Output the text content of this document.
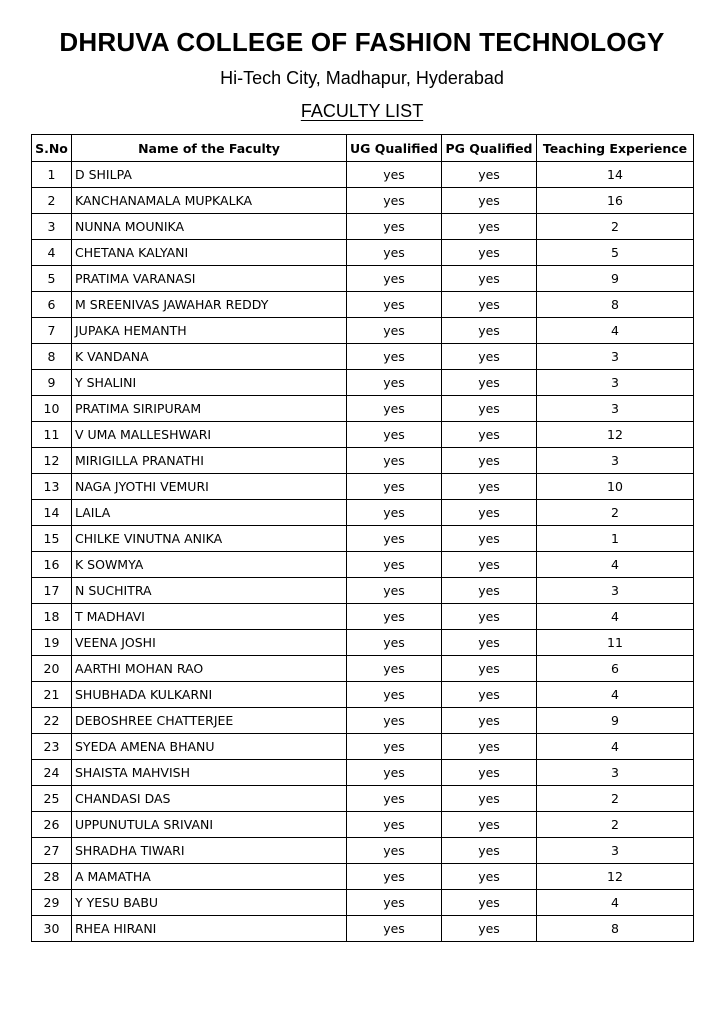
DHRUVA COLLEGE OF FASHION TECHNOLOGY
Hi-Tech City, Madhapur, Hyderabad
FACULTY LIST
S.No	Name of the Faculty	UG Qualified	PG Qualified	Teaching Experience
1	D SHILPA	yes	yes	14
2	KANCHANAMALA MUPKALKA	yes	yes	16
3	NUNNA MOUNIKA	yes	yes	2
4	CHETANA KALYANI	yes	yes	5
5	PRATIMA VARANASI	yes	yes	9
6	M SREENIVAS JAWAHAR REDDY	yes	yes	8
7	JUPAKA HEMANTH	yes	yes	4
8	K VANDANA	yes	yes	3
9	Y SHALINI	yes	yes	3
10	PRATIMA SIRIPURAM	yes	yes	3
11	V UMA MALLESHWARI	yes	yes	12
12	MIRIGILLA PRANATHI	yes	yes	3
13	NAGA JYOTHI VEMURI	yes	yes	10
14	LAILA	yes	yes	2
15	CHILKE VINUTNA ANIKA	yes	yes	1
16	K SOWMYA	yes	yes	4
17	N SUCHITRA	yes	yes	3
18	T MADHAVI	yes	yes	4
19	VEENA JOSHI	yes	yes	11
20	AARTHI MOHAN RAO	yes	yes	6
21	SHUBHADA KULKARNI	yes	yes	4
22	DEBOSHREE CHATTERJEE	yes	yes	9
23	SYEDA AMENA BHANU	yes	yes	4
24	SHAISTA MAHVISH	yes	yes	3
25	CHANDASI DAS	yes	yes	2
26	UPPUNUTULA SRIVANI	yes	yes	2
27	SHRADHA TIWARI	yes	yes	3
28	A MAMATHA	yes	yes	12
29	Y YESU BABU	yes	yes	4
30	RHEA HIRANI	yes	yes	8
